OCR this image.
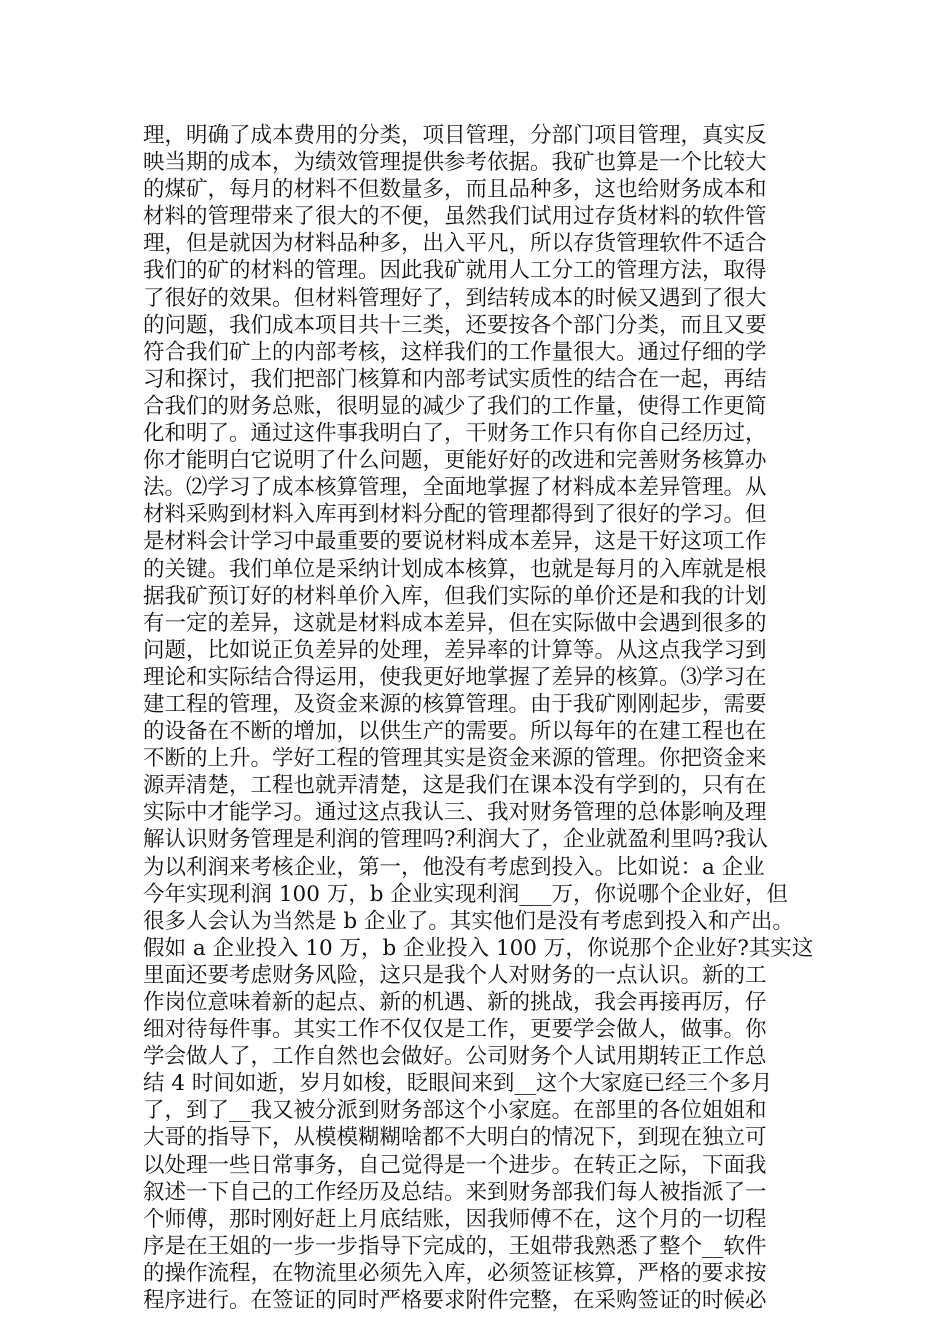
理，明确了成本费用的分类，项目管理，分部门项目管理，真实反
映当期的成本，为绩效管理提供参考依据。我矿也算是一个比较大
的煤矿，每月的材料不但数量多，而且品种多，这也给财务成本和
材料的管理带来了很大的不便，虽然我们试用过存货材料的软件管
理，但是就因为材料品种多，出入平凡，所以存货管理软件不适合
我们的矿的材料的管理。因此我矿就用人工分工的管理方法，取得
了很好的效果。但材料管理好了，到结转成本的时候又遇到了很大
的问题，我们成本项目共十三类，还要按各个部门分类，而且又要
符合我们矿上的内部考核，这样我们的工作量很大。通过仔细的学
习和探讨，我们把部门核算和内部考试实质性的结合在一起，再结
合我们的财务总账，很明显的减少了我们的工作量，使得工作更简
化和明了。通过这件事我明白了，干财务工作只有你自己经历过，
你才能明白它说明了什么问题，更能好好的改进和完善财务核算办
法。⑵学习了成本核算管理，全面地掌握了材料成本差异管理。从
材料采购到材料入库再到材料分配的管理都得到了很好的学习。但
是材料会计学习中最重要的要说材料成本差异，这是干好这项工作
的关键。我们单位是采纳计划成本核算，也就是每月的入库就是根
据我矿预订好的材料单价入库，但我们实际的单价还是和我的计划
有一定的差异，这就是材料成本差异，但在实际做中会遇到很多的
问题，比如说正负差异的处理，差异率的计算等。从这点我学习到
理论和实际结合得运用，使我更好地掌握了差异的核算。⑶学习在
建工程的管理，及资金来源的核算管理。由于我矿刚刚起步，需要
的设备在不断的增加，以供生产的需要。所以每年的在建工程也在
不断的上升。学好工程的管理其实是资金来源的管理。你把资金来
源弄清楚，工程也就弄清楚，这是我们在课本没有学到的，只有在
实际中才能学习。通过这点我认三、我对财务管理的总体影响及理
解认识财务管理是利润的管理吗?利润大了，企业就盈利里吗?我认
为以利润来考核企业，第一，他没有考虑到投入。比如说：a 企业
今年实现利润 100 万，b 企业实现利润___万，你说哪个企业好，但
很多人会认为当然是 b 企业了。其实他们是没有考虑到投入和产出。
假如 a 企业投入 10 万，b 企业投入 100 万，你说那个企业好?其实这
里面还要考虑财务风险，这只是我个人对财务的一点认识。新的工
作岗位意味着新的起点、新的机遇、新的挑战，我会再接再厉，仔
细对待每件事。其实工作不仅仅是工作，更要学会做人，做事。你
学会做人了，工作自然也会做好。公司财务个人试用期转正工作总
结 4 时间如逝，岁月如梭，眨眼间来到__这个大家庭已经三个多月
了，到了__我又被分派到财务部这个小家庭。在部里的各位姐姐和
大哥的指导下，从模模糊糊啥都不大明白的情况下，到现在独立可
以处理一些日常事务，自己觉得是一个进步。在转正之际，下面我
叙述一下自己的工作经历及总结。来到财务部我们每人被指派了一
个师傅，那时刚好赶上月底结账，因我师傅不在，这个月的一切程
序是在王姐的一步一步指导下完成的，王姐带我熟悉了整个__软件
的操作流程，在物流里必须先入库，必须签证核算，严格的要求按
程序进行。在签证的同时严格要求附件完整，在采购签证的时候必
